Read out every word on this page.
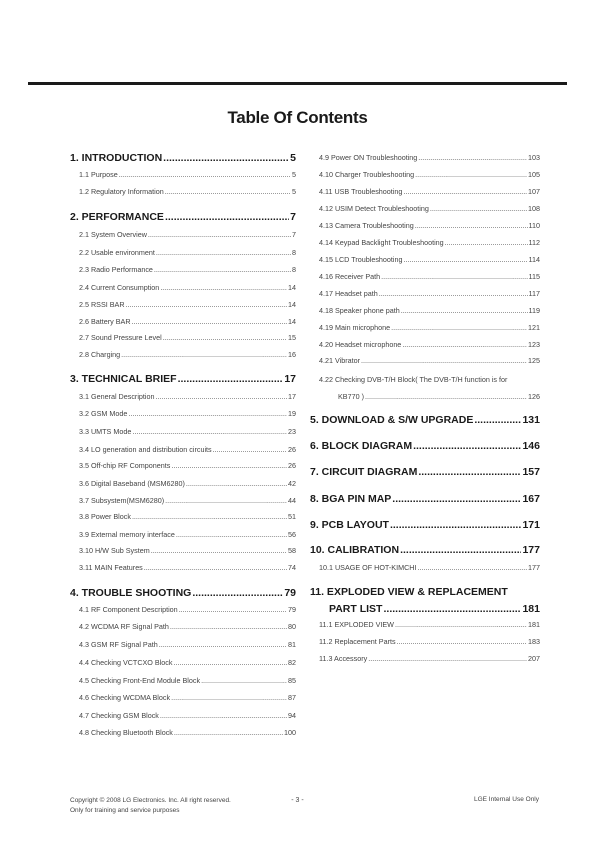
Table Of Contents
1. INTRODUCTION .....	5
1.1 Purpose .....	5
1.2 Regulatory Information .....	5
2. PERFORMANCE .....	7
2.1 System Overview .....	7
2.2 Usable environment .....	8
2.3 Radio Performance .....	8
2.4 Current Consumption .....	14
2.5 RSSI BAR .....	14
2.6 Battery BAR .....	14
2.7 Sound Pressure Level .....	15
2.8 Charging .....	16
3. TECHNICAL BRIEF .....	17
3.1 General Description .....	17
3.2 GSM Mode .....	19
3.3 UMTS Mode .....	23
3.4 LO generation and distribution circuits .....	26
3.5 Off-chip RF Components .....	26
3.6 Digital Baseband (MSM6280) .....	42
3.7 Subsystem(MSM6280) .....	44
3.8 Power Block .....	51
3.9 External memory interface .....	56
3.10 H/W Sub System .....	58
3.11 MAIN Features .....	74
4. TROUBLE SHOOTING .....	79
4.1 RF Component Description .....	79
4.2 WCDMA RF Signal Path .....	80
4.3 GSM RF Signal Path .....	81
4.4 Checking VCTCXO Block .....	82
4.5 Checking Front-End Module Block .....	85
4.6 Checking WCDMA Block .....	87
4.7 Checking GSM Block .....	94
4.8 Checking Bluetooth Block .....	100
4.9 Power ON Troubleshooting .....	103
4.10 Charger Troubleshooting .....	105
4.11 USB Troubleshooting .....	107
4.12 USIM Detect Troubleshooting .....	108
4.13 Camera Troubleshooting .....	110
4.14 Keypad Backlight Troubleshooting .....	112
4.15 LCD Troubleshooting .....	114
4.16 Receiver Path .....	115
4.17 Headset path .....	117
4.18 Speaker phone path .....	119
4.19 Main microphone .....	121
4.20 Headset microphone .....	123
4.21 Vibrator .....	125
4.22 Checking DVB-T/H Block( The DVB-T/H function is for
KB770 ) .....	126
5. DOWNLOAD & S/W UPGRADE .....	131
6. BLOCK DIAGRAM .....	146
7. CIRCUIT DIAGRAM .....	157
8. BGA PIN MAP .....	167
9. PCB LAYOUT .....	171
10. CALIBRATION .....	177
10.1 USAGE OF HOT-KIMCHI .....	177
11. EXPLODED VIEW & REPLACEMENT
PART LIST .....	181
11.1 EXPLODED VIEW .....	181
11.2 Replacement Parts .....	183
11.3 Accessory .....	207
Copyright © 2008 LG Electronics. Inc. All right reserved.
Only for training and service purposes
- 3 -	LGE Internal Use Only
